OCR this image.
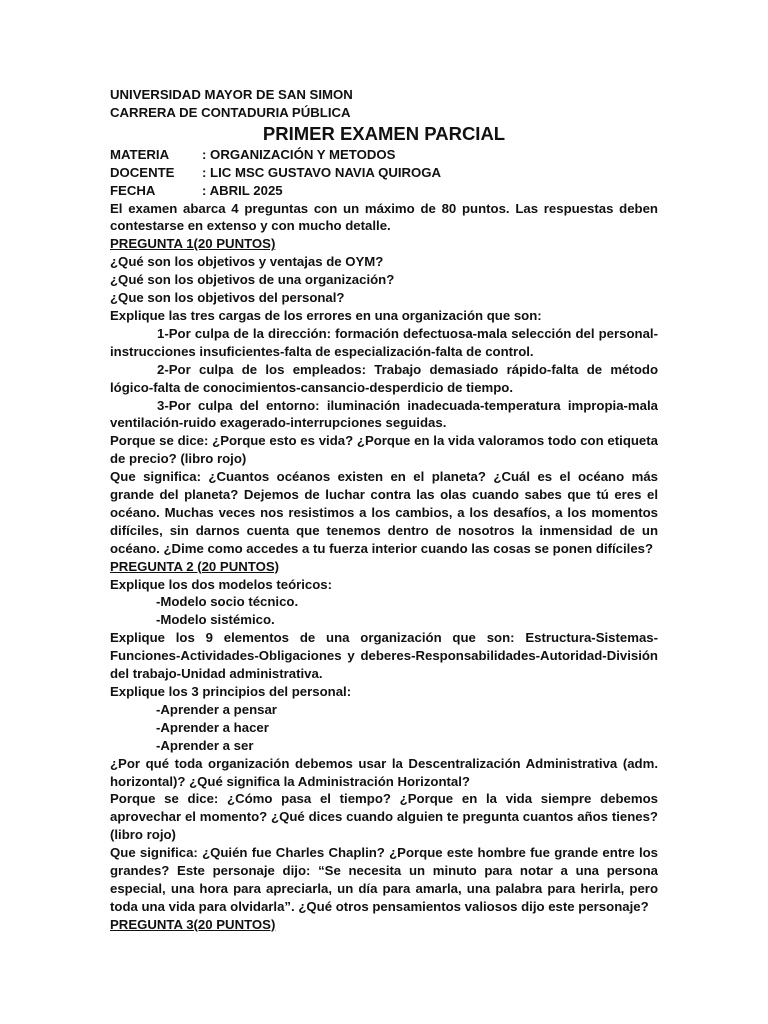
UNIVERSIDAD MAYOR DE SAN SIMON
CARRERA DE CONTADURIA PÚBLICA
PRIMER EXAMEN PARCIAL
MATERIA	: ORGANIZACIÓN Y METODOS
DOCENTE	: LIC MSC GUSTAVO NAVIA QUIROGA
FECHA	: ABRIL 2025
El examen abarca 4 preguntas con un máximo de 80 puntos. Las respuestas deben contestarse en extenso y con mucho detalle.
PREGUNTA 1(20 PUNTOS)
¿Qué son los objetivos y ventajas de OYM?
¿Qué son los objetivos de una organización?
¿Que son los objetivos del personal?
Explique las tres cargas de los errores en una organización que son:
1-Por culpa de la dirección: formación defectuosa-mala selección del personal-instrucciones insuficientes-falta de especialización-falta de control.
2-Por culpa de los empleados: Trabajo demasiado rápido-falta de método lógico-falta de conocimientos-cansancio-desperdicio de tiempo.
3-Por culpa del entorno: iluminación inadecuada-temperatura impropia-mala ventilación-ruido exagerado-interrupciones seguidas.
Porque se dice: ¿Porque esto es vida? ¿Porque en la vida valoramos todo con etiqueta de precio? (libro rojo)
Que significa: ¿Cuantos océanos existen en el planeta? ¿Cuál es el océano más grande del planeta? Dejemos de luchar contra las olas cuando sabes que tú eres el océano. Muchas veces nos resistimos a los cambios, a los desafíos, a los momentos difíciles, sin darnos cuenta que tenemos dentro de nosotros la inmensidad de un océano. ¿Dime como accedes a tu fuerza interior cuando las cosas se ponen difíciles?
PREGUNTA 2 (20 PUNTOS)
Explique los dos modelos teóricos:
-Modelo socio técnico.
-Modelo sistémico.
Explique los 9 elementos de una organización que son: Estructura-Sistemas-Funciones-Actividades-Obligaciones y deberes-Responsabilidades-Autoridad-División del trabajo-Unidad administrativa.
Explique los 3 principios del personal:
-Aprender a pensar
-Aprender a hacer
-Aprender a ser
¿Por qué toda organización debemos usar la Descentralización Administrativa (adm. horizontal)? ¿Qué significa la Administración Horizontal?
Porque se dice: ¿Cómo pasa el tiempo? ¿Porque en la vida siempre debemos aprovechar el momento? ¿Qué dices cuando alguien te pregunta cuantos años tienes? (libro rojo)
Que significa: ¿Quién fue Charles Chaplin? ¿Porque este hombre fue grande entre los grandes? Este personaje dijo: “Se necesita un minuto para notar a una persona especial, una hora para apreciarla, un día para amarla, una palabra para herirla, pero toda una vida para olvidarla”. ¿Qué otros pensamientos valiosos dijo este personaje?
PREGUNTA 3(20 PUNTOS)
